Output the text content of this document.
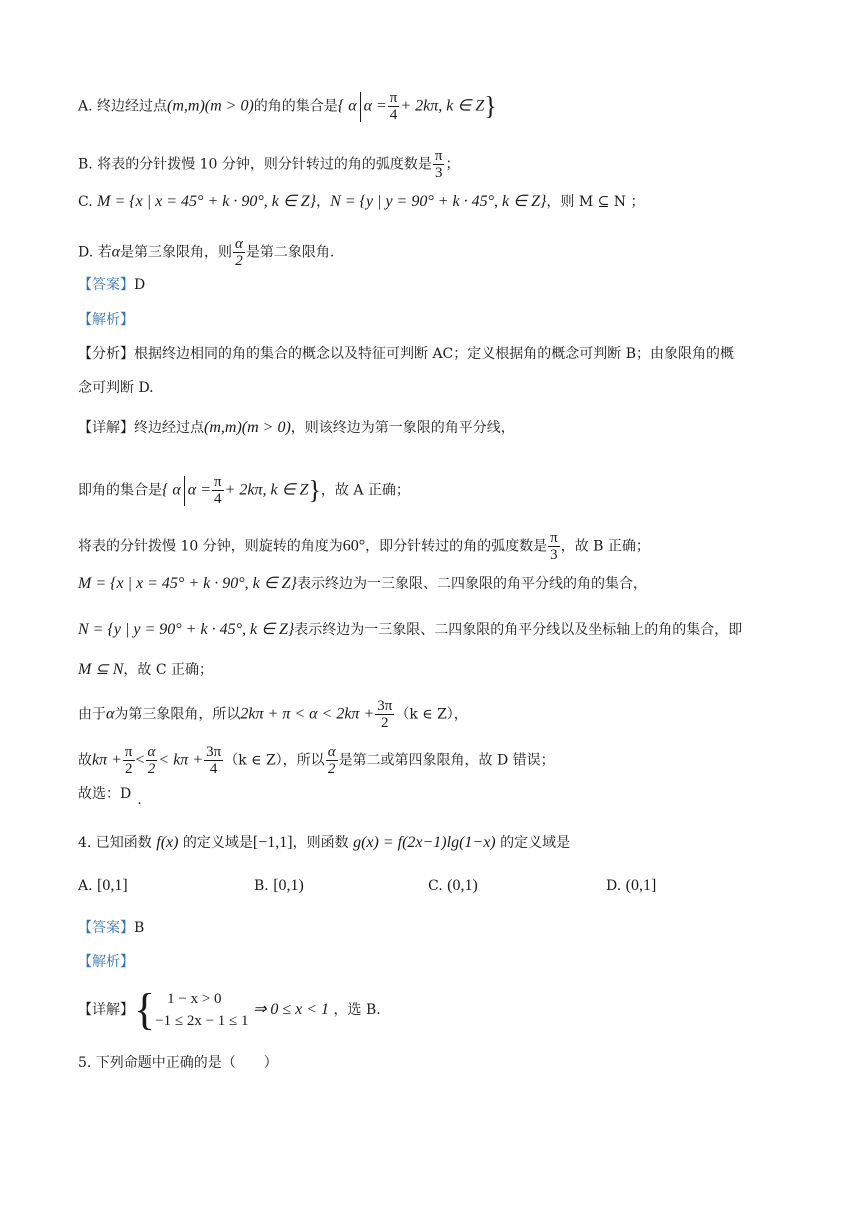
A. 终边经过点(m,m)(m > 0)的角的集合是{ α $\alpha = \frac{\pi}{4} + 2k\pi$, k ∈ Z}
B. 将表的分针拨慢 10 分钟，则分针转过的角的弧度数是 $\frac{\pi}{3}$ ；
C. M = {x | x = 45° + k · 90°, k ∈ Z}，N = {y | y = 90° + k · 45°, k ∈ Z}，则 M ⊆ N ；
D. 若α是第三象限角，则 $\frac{\alpha}{2}$ 是第二象限角.
【答案】D
【解析】
【分析】根据终边相同的角的集合的概念以及特征可判断 AC；定义根据角的概念可判断 B；由象限角的概
念可判断 D.
【详解】终边经过点(m,m)(m > 0)，则该终边为第一象限的角平分线，
即角的集合是{ α $\alpha = \frac{\pi}{4} + 2k\pi$, k ∈ Z}，故 A 正确；
将表的分针拨慢 10 分钟，则旋转的角度为60°，即分针转过的角的弧度数是 $\frac{\pi}{3}$ ，故 B 正确；
M = {x | x = 45° + k · 90°, k ∈ Z}表示终边为一三象限、二四象限的角平分线的角的集合，
N = {y | y = 90° + k · 45°, k ∈ Z}表示终边为一三象限、二四象限的角平分线以及坐标轴上的角的集合，即
M ⊆ N，故 C 正确；
由于α为第三象限角，所以$2k\pi + \pi < \alpha < 2k\pi + \frac{3\pi}{2} (k$ ∈ Z），
故$k\pi + \frac{\pi}{2} < \frac{\alpha}{2} < k\pi + \frac{3\pi}{4} (k$ ∈ Z），所以 $\frac{\alpha}{2}$ 是第二或第四象限角，故 D 错误；
故选：D .
4. 已知函数 f(x) 的定义域是[−1,1]，则函数 g(x) = f(2x−1)lg(1−x) 的定义域是
A. [0,1]	B. [0,1)	C. (0,1)	D. (0,1]
【答案】B
【解析】
【详解】{ 1 − x > 0
−1 ≤ 2x − 1 ≤ 1
⇒ 0 ≤ x < 1 ，选 B.
5. 下列命题中正确的是（　　）
